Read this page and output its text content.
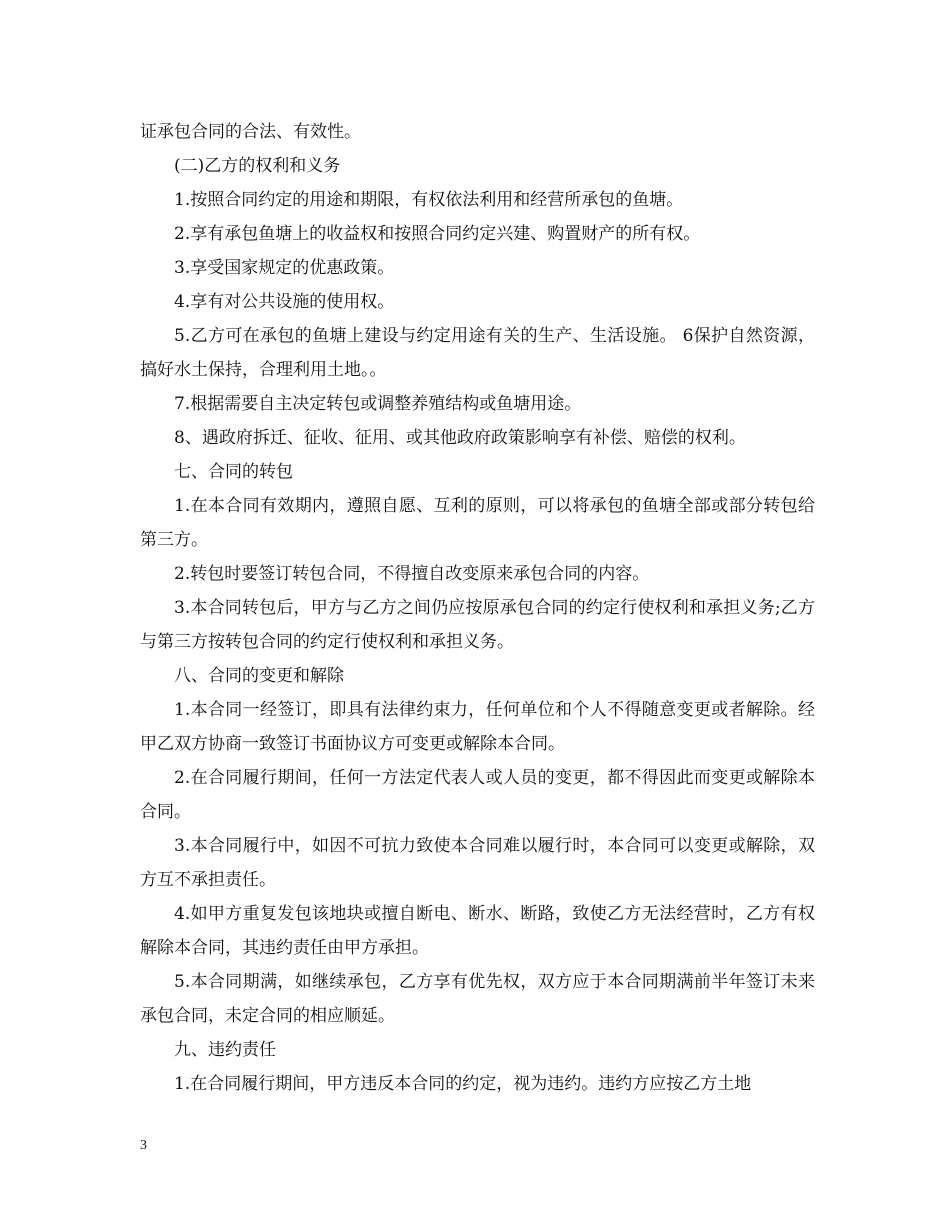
证承包合同的合法、有效性。

(二)乙方的权利和义务

1.按照合同约定的用途和期限，有权依法利用和经营所承包的鱼塘。

2.享有承包鱼塘上的收益权和按照合同约定兴建、购置财产的所有权。

3.享受国家规定的优惠政策。

4.享有对公共设施的使用权。

5.乙方可在承包的鱼塘上建设与约定用途有关的生产、生活设施。 6保护自然资源，搞好水土保持，合理利用土地。。

7.根据需要自主决定转包或调整养殖结构或鱼塘用途。

8、遇政府拆迁、征收、征用、或其他政府政策影响享有补偿、赔偿的权利。

七、合同的转包

1.在本合同有效期内，遵照自愿、互利的原则，可以将承包的鱼塘全部或部分转包给第三方。

2.转包时要签订转包合同，不得擅自改变原来承包合同的内容。

3.本合同转包后，甲方与乙方之间仍应按原承包合同的约定行使权利和承担义务;乙方与第三方按转包合同的约定行使权利和承担义务。

八、合同的变更和解除

1.本合同一经签订，即具有法律约束力，任何单位和个人不得随意变更或者解除。经甲乙双方协商一致签订书面协议方可变更或解除本合同。

2.在合同履行期间，任何一方法定代表人或人员的变更，都不得因此而变更或解除本合同。

3.本合同履行中，如因不可抗力致使本合同难以履行时，本合同可以变更或解除，双方互不承担责任。

4.如甲方重复发包该地块或擅自断电、断水、断路，致使乙方无法经营时，乙方有权解除本合同，其违约责任由甲方承担。

5.本合同期满，如继续承包，乙方享有优先权，双方应于本合同期满前半年签订未来承包合同，未定合同的相应顺延。

九、违约责任

1.在合同履行期间，甲方违反本合同的约定，视为违约。违约方应按乙方土地

3
